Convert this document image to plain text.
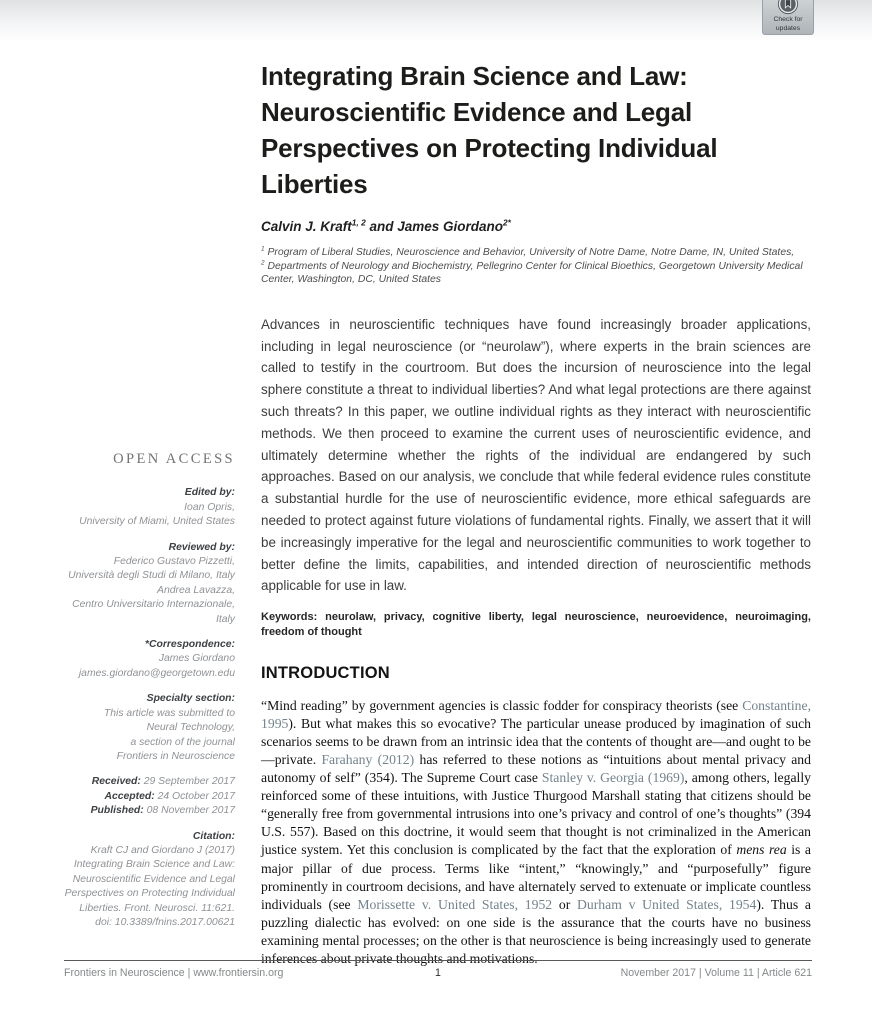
Check for
updates
OPEN ACCESS
Edited by:
Ioan Opris,
University of Miami, United States
Reviewed by:
Federico Gustavo Pizzetti,
Università degli Studi di Milano, Italy
Andrea Lavazza,
Centro Universitario Internazionale,
Italy
*Correspondence:
James Giordano
james.giordano@georgetown.edu
Specialty section:
This article was submitted to
Neural Technology,
a section of the journal
Frontiers in Neuroscience
Received: 29 September 2017
Accepted: 24 October 2017
Published: 08 November 2017
Citation:
Kraft CJ and Giordano J (2017)
Integrating Brain Science and Law:
Neuroscientific Evidence and Legal
Perspectives on Protecting Individual
Liberties. Front. Neurosci. 11:621.
doi: 10.3389/fnins.2017.00621
Integrating Brain Science and Law:
Neuroscientific Evidence and Legal
Perspectives on Protecting Individual
Liberties
Calvin J. Kraft$^{1, 2}$ and James Giordano$^{2*}$
$^1$ Program of Liberal Studies, Neuroscience and Behavior, University of Notre Dame, Notre Dame, IN, United States,
$^2$ Departments of Neurology and Biochemistry, Pellegrino Center for Clinical Bioethics, Georgetown University Medical Center, Washington, DC, United States
Advances in neuroscientific techniques have found increasingly broader applications, including in legal neuroscience (or “neurolaw”), where experts in the brain sciences are called to testify in the courtroom. But does the incursion of neuroscience into the legal sphere constitute a threat to individual liberties? And what legal protections are there against such threats? In this paper, we outline individual rights as they interact with neuroscientific methods. We then proceed to examine the current uses of neuroscientific evidence, and ultimately determine whether the rights of the individual are endangered by such approaches. Based on our analysis, we conclude that while federal evidence rules constitute a substantial hurdle for the use of neuroscientific evidence, more ethical safeguards are needed to protect against future violations of fundamental rights. Finally, we assert that it will be increasingly imperative for the legal and neuroscientific communities to work together to better define the limits, capabilities, and intended direction of neuroscientific methods applicable for use in law.
Keywords: neurolaw, privacy, cognitive liberty, legal neuroscience, neuroevidence, neuroimaging, freedom of thought
INTRODUCTION
“Mind reading” by government agencies is classic fodder for conspiracy theorists (see Constantine, 1995). But what makes this so evocative? The particular unease produced by imagination of such scenarios seems to be drawn from an intrinsic idea that the contents of thought are—and ought to be—private. Farahany (2012) has referred to these notions as “intuitions about mental privacy and autonomy of self” (354). The Supreme Court case Stanley v. Georgia (1969), among others, legally reinforced some of these intuitions, with Justice Thurgood Marshall stating that citizens should be “generally free from governmental intrusions into one’s privacy and control of one’s thoughts” (394 U.S. 557). Based on this doctrine, it would seem that thought is not criminalized in the American justice system. Yet this conclusion is complicated by the fact that the exploration of mens rea is a major pillar of due process. Terms like “intent,” “knowingly,” and “purposefully” figure prominently in courtroom decisions, and have alternately served to extenuate or implicate countless individuals (see Morissette v. United States, 1952 or Durham v United States, 1954). Thus a puzzling dialectic has evolved: on one side is the assurance that the courts have no business examining mental processes; on the other is that neuroscience is being increasingly used to generate inferences about private thoughts and motivations.
Frontiers in Neuroscience | www.frontiersin.org	1	November 2017 | Volume 11 | Article 621
